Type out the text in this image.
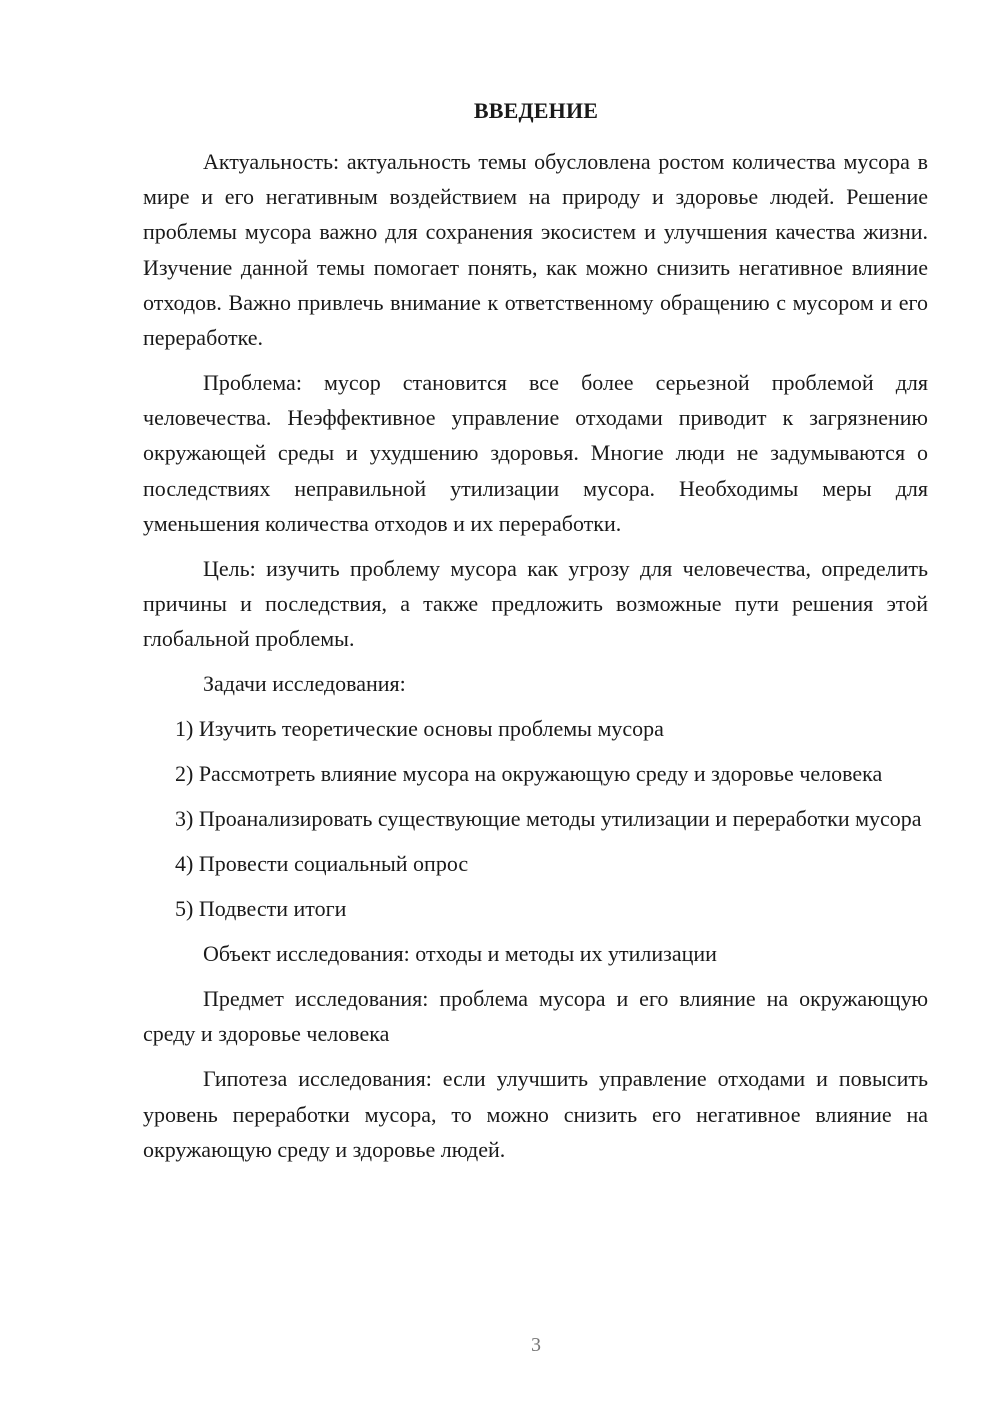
ВВЕДЕНИЕ

Актуальность: актуальность темы обусловлена ростом количества мусора в мире и его негативным воздействием на природу и здоровье людей. Решение проблемы мусора важно для сохранения экосистем и улучшения качества жизни. Изучение данной темы помогает понять, как можно снизить негативное влияние отходов. Важно привлечь внимание к ответственному обращению с мусором и его переработке.

Проблема: мусор становится все более серьезной проблемой для человечества. Неэффективное управление отходами приводит к загрязнению окружающей среды и ухудшению здоровья. Многие люди не задумываются о последствиях неправильной утилизации мусора. Необходимы меры для уменьшения количества отходов и их переработки.

Цель: изучить проблему мусора как угрозу для человечества, определить причины и последствия, а также предложить возможные пути решения этой глобальной проблемы.

Задачи исследования:

1) Изучить теоретические основы проблемы мусора

2) Рассмотреть влияние мусора на окружающую среду и здоровье человека

3) Проанализировать существующие методы утилизации и переработки мусора

4) Провести социальный опрос

5) Подвести итоги

Объект исследования: отходы и методы их утилизации

Предмет исследования: проблема мусора и его влияние на окружающую среду и здоровье человека

Гипотеза исследования: если улучшить управление отходами и повысить уровень переработки мусора, то можно снизить его негативное влияние на окружающую среду и здоровье людей.

3
